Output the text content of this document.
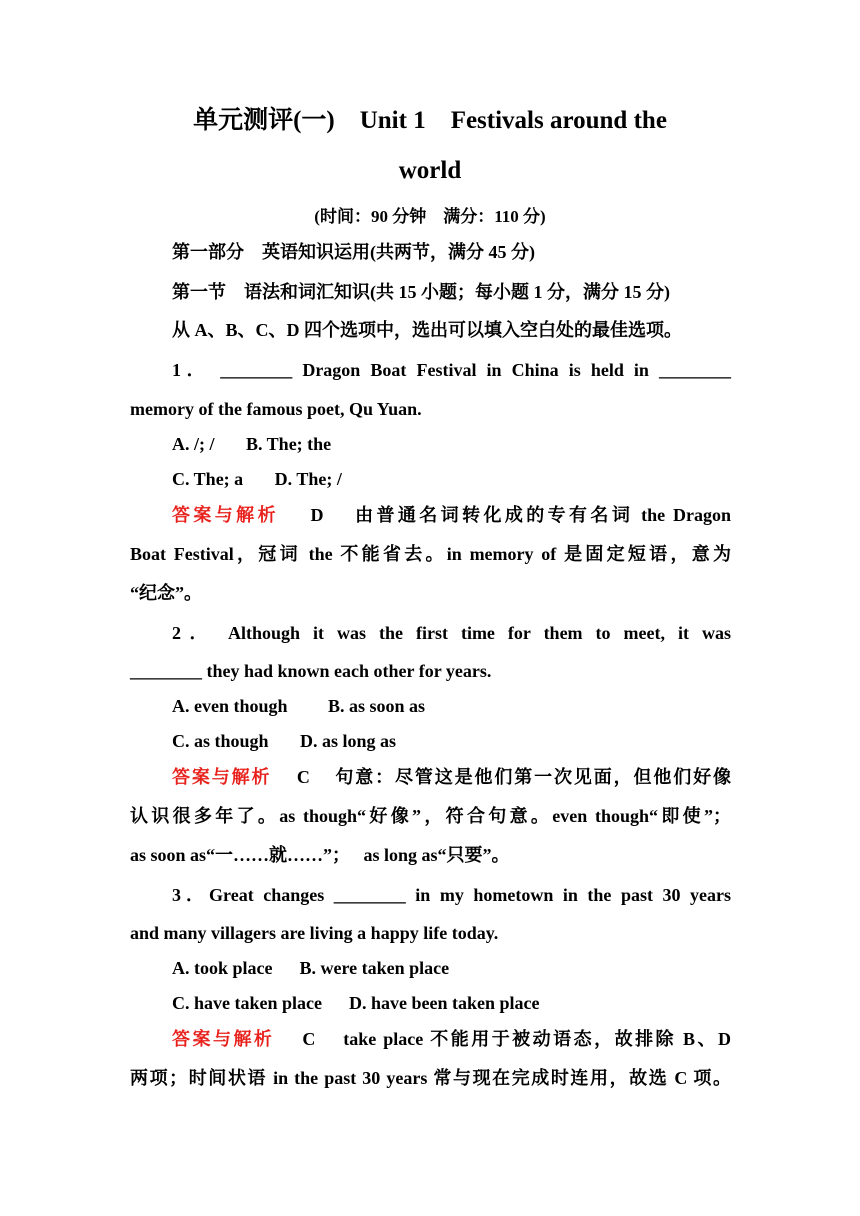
单元测评(一)    Unit 1    Festivals around the
world
(时间：90 分钟    满分：110 分)
第一部分    英语知识运用(共两节，满分 45 分)
第一节    语法和词汇知识(共 15 小题；每小题 1 分，满分 15 分)
从 A、B、C、D 四个选项中，选出可以填入空白处的最佳选项。
1． ________ Dragon Boat Festival in China is held in ________
memory of the famous poet, Qu Yuan.
A. /; /       B. The; the
C. The; a       D. The; /
答案与解析    D    由普通名词转化成的专有名词 the Dragon
Boat Festival，冠词 the 不能省去。in memory of 是固定短语，意为
“纪念”。
2． Although it was the first time for them to meet, it was
________ they had known each other for years.
A. even though         B. as soon as
C. as though       D. as long as
答案与解析    C    句意：尽管这是他们第一次见面，但他们好像
认识很多年了。as though“好像”，符合句意。even though“即使”；
as soon as“一……就……”；   as long as“只要”。
3．Great changes ________ in my hometown in the past 30 years
and many villagers are living a happy life today.
A. took place      B. were taken place
C. have taken place      D. have been taken place
答案与解析    C    take place 不能用于被动语态，故排除 B、D
两项；时间状语 in the past 30 years 常与现在完成时连用，故选 C 项。
